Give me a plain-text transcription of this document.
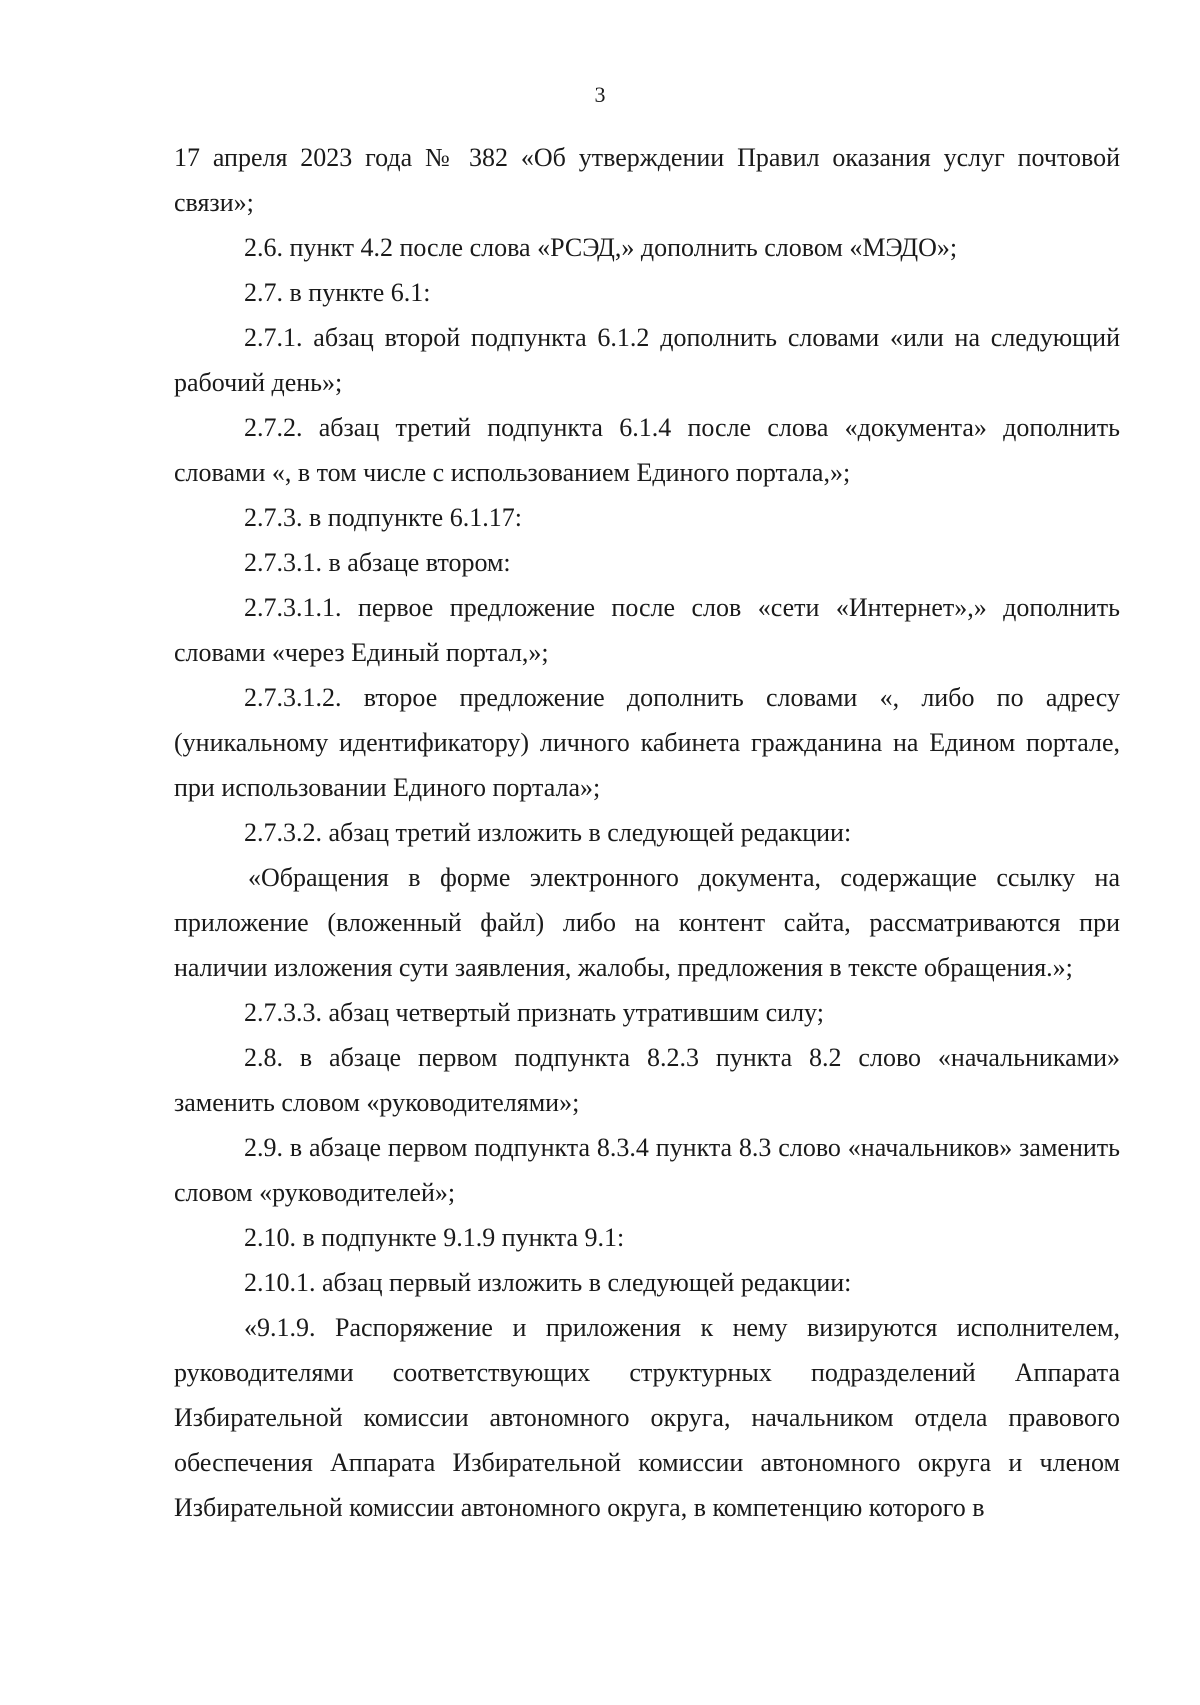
3

17 апреля 2023 года № 382 «Об утверждении Правил оказания услуг почтовой связи»;

2.6. пункт 4.2 после слова «РСЭД,» дополнить словом «МЭДО»;

2.7. в пункте 6.1:

2.7.1. абзац второй подпункта 6.1.2 дополнить словами «или на следующий рабочий день»;

2.7.2. абзац третий подпункта 6.1.4 после слова «документа» дополнить словами «, в том числе с использованием Единого портала,»;

2.7.3. в подпункте 6.1.17:

2.7.3.1. в абзаце втором:

2.7.3.1.1. первое предложение после слов «сети «Интернет»,» дополнить словами «через Единый портал,»;

2.7.3.1.2. второе предложение дополнить словами «, либо по адресу (уникальному идентификатору) личного кабинета гражданина на Едином портале, при использовании Единого портала»;

2.7.3.2. абзац третий изложить в следующей редакции:

«Обращения в форме электронного документа, содержащие ссылку на приложение (вложенный файл) либо на контент сайта, рассматриваются при наличии изложения сути заявления, жалобы, предложения в тексте обращения.»;

2.7.3.3. абзац четвертый признать утратившим силу;

2.8. в абзаце первом подпункта 8.2.3 пункта 8.2 слово «начальниками» заменить словом «руководителями»;

2.9. в абзаце первом подпункта 8.3.4 пункта 8.3 слово «начальников» заменить словом «руководителей»;

2.10. в подпункте 9.1.9 пункта 9.1:

2.10.1. абзац первый изложить в следующей редакции:

«9.1.9. Распоряжение и приложения к нему визируются исполнителем, руководителями соответствующих структурных подразделений Аппарата Избирательной комиссии автономного округа, начальником отдела правового обеспечения Аппарата Избирательной комиссии автономного округа и членом Избирательной комиссии автономного округа, в компетенцию которого в
